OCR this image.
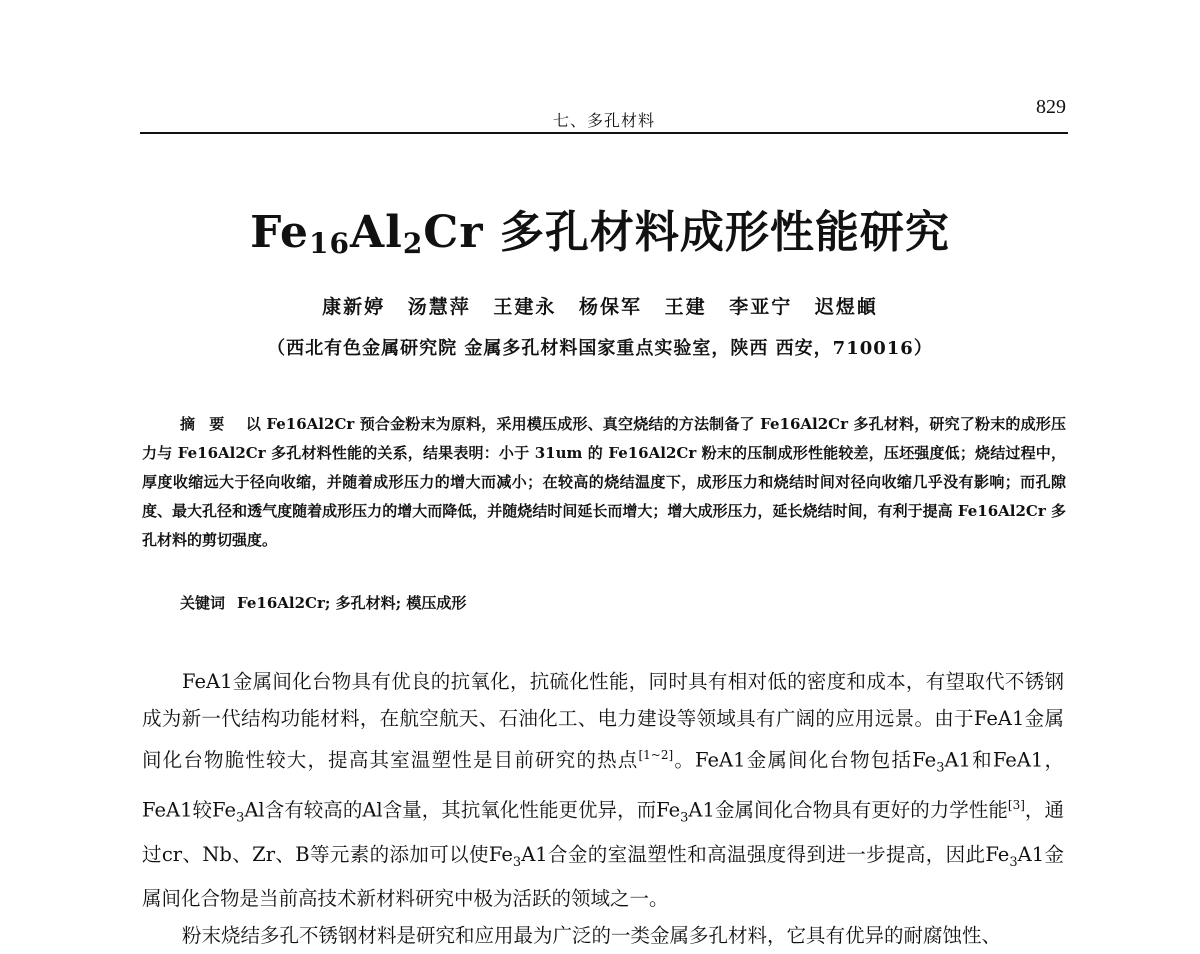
七、多孔材料
829
$Fe_{16}Al_2Cr$ 多孔材料成形性能研究
康新婷 汤慧萍 王建永 杨保军 王建 李亚宁 迟煜頔
（西北有色金属研究院 金属多孔材料国家重点实验室，陕西 西安，710016）
摘要 以 Fe16Al2Cr 预合金粉末为原料，采用模压成形、真空烧结的方法制备了 Fe16Al2Cr 多孔材料，研究了粉末的成形压力与 Fe16Al2Cr 多孔材料性能的关系，结果表明：小于 31um 的 Fe16Al2Cr 粉末的压制成形性能较差，压坯强度低；烧结过程中，厚度收缩远大于径向收缩，并随着成形压力的增大而减小；在较高的烧结温度下，成形压力和烧结时间对径向收缩几乎没有影响；而孔隙度、最大孔径和透气度随着成形压力的增大而降低，并随烧结时间延长而增大；增大成形压力，延长烧结时间，有利于提高 Fe16Al2Cr 多孔材料的剪切强度。
关键词 Fe16Al2Cr; 多孔材料; 模压成形

FeA1金属间化台物具有优良的抗氧化，抗硫化性能，同时具有相对低的密度和成本，有望取代不锈钢成为新一代结构功能材料，在航空航天、石油化工、电力建设等领域具有广阔的应用远景。由于FeA1金属间化台物脆性较大，提高其室温塑性是目前研究的热点[1~2]。FeA1金属间化台物包括$Fe_3A1$和FeA1，FeA1较$Fe_3Al$含有较高的Al含量，其抗氧化性能更优异，而$Fe_3A1$金属间化合物具有更好的力学性能[3]，通过cr、Nb、Zr、B等元素的添加可以使$Fe_3A1$合金的室温塑性和高温强度得到进一步提高，因此$Fe_3A1$金属间化合物是当前高技术新材料研究中极为活跃的领域之一。

粉末烧结多孔不锈钢材料是研究和应用最为广泛的一类金属多孔材料，它具有优异的耐腐蚀性、
